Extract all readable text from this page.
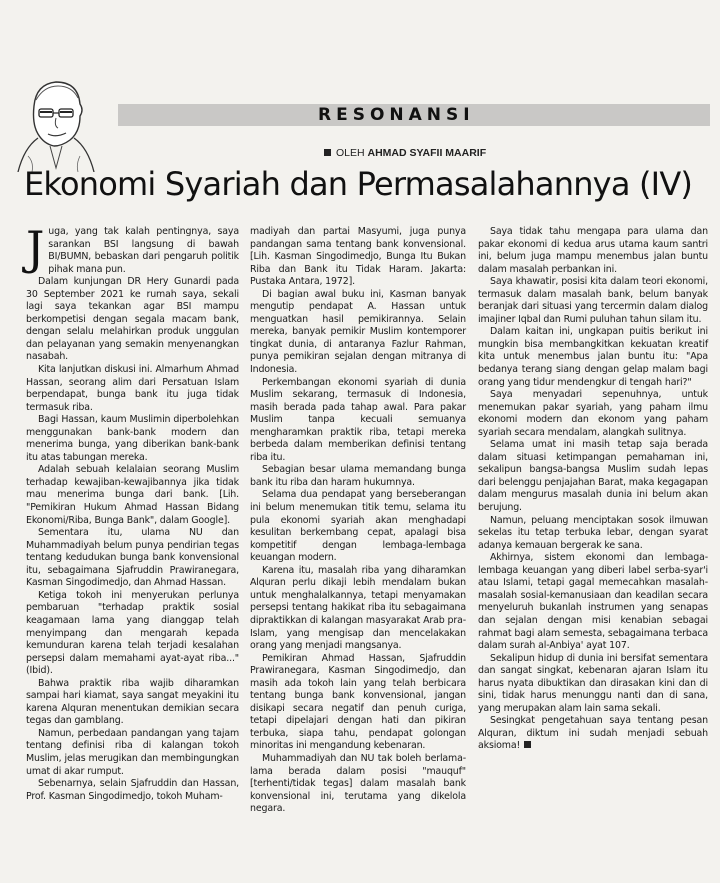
RESONANSI
OLEH AHMAD SYAFII MAARIF
Ekonomi Syariah dan Permasalahannya (IV)

Juga, yang tak kalah pentingnya, saya sarankan BSI langsung di bawah BI/BUMN, bebaskan dari pengaruh politik pihak mana pun.

Dalam kunjungan DR Hery Gunardi pada 30 September 2021 ke rumah saya, sekali lagi saya tekankan agar BSI mampu berkompetisi dengan segala macam bank, dengan selalu melahirkan produk unggulan dan pelayanan yang semakin menyenangkan nasabah.

Kita lanjutkan diskusi ini. Almarhum Ahmad Hassan, seorang alim dari Persatuan Islam berpendapat, bunga bank itu juga tidak termasuk riba.

Bagi Hassan, kaum Muslimin diperbolehkan menggunakan bank-bank modern dan menerima bunga, yang diberikan bank-bank itu atas tabungan mereka.

Adalah sebuah kelalaian seorang Muslim terhadap kewajiban-kewajibannya jika tidak mau menerima bunga dari bank. [Lih. "Pemikiran Hukum Ahmad Hassan Bidang Ekonomi/Riba, Bunga Bank", dalam Google].

Sementara itu, ulama NU dan Muhammadiyah belum punya pendirian tegas tentang kedudukan bunga bank konvensional itu, sebagaimana Sjafruddin Prawiranegara, Kasman Singodimedjo, dan Ahmad Hassan.

Ketiga tokoh ini menyerukan perlunya pembaruan "terhadap praktik sosial keagamaan lama yang dianggap telah menyimpang dan mengarah kepada kemunduran karena telah terjadi kesalahan persepsi dalam memahami ayat-ayat riba..." (Ibid).

Bahwa praktik riba wajib diharamkan sampai hari kiamat, saya sangat meyakini itu karena Alquran menentukan demikian secara tegas dan gamblang.

Namun, perbedaan pandangan yang tajam tentang definisi riba di kalangan tokoh Muslim, jelas merugikan dan membingungkan umat di akar rumput.

Sebenarnya, selain Sjafruddin dan Hassan, Prof. Kasman Singodimedjo, tokoh Muham-

madiyah dan partai Masyumi, juga punya pandangan sama tentang bank konvensional. [Lih. Kasman Singodimedjo, Bunga Itu Bukan Riba dan Bank itu Tidak Haram. Jakarta: Pustaka Antara, 1972].

Di bagian awal buku ini, Kasman banyak mengutip pendapat A. Hassan untuk menguatkan hasil pemikirannya. Selain mereka, banyak pemikir Muslim kontemporer tingkat dunia, di antaranya Fazlur Rahman, punya pemikiran sejalan dengan mitranya di Indonesia.

Perkembangan ekonomi syariah di dunia Muslim sekarang, termasuk di Indonesia, masih berada pada tahap awal. Para pakar Muslim tanpa kecuali semuanya mengharamkan praktik riba, tetapi mereka berbeda dalam memberikan definisi tentang riba itu.

Sebagian besar ulama memandang bunga bank itu riba dan haram hukumnya.

Selama dua pendapat yang berseberangan ini belum menemukan titik temu, selama itu pula ekonomi syariah akan menghadapi kesulitan berkembang cepat, apalagi bisa kompetitif dengan lembaga-lembaga keuangan modern.

Karena itu, masalah riba yang diharamkan Alquran perlu dikaji lebih mendalam bukan untuk menghalalkannya, tetapi menyamakan persepsi tentang hakikat riba itu sebagaimana dipraktikkan di kalangan masyarakat Arab pra-Islam, yang mengisap dan mencelakakan orang yang menjadi mangsanya.

Pemikiran Ahmad Hassan, Sjafruddin Prawiranegara, Kasman Singodimedjo, dan masih ada tokoh lain yang telah berbicara tentang bunga bank konvensional, jangan disikapi secara negatif dan penuh curiga, tetapi dipelajari dengan hati dan pikiran terbuka, siapa tahu, pendapat golongan minoritas ini mengandung kebenaran.

Muhammadiyah dan NU tak boleh berlama-lama berada dalam posisi "mauquf" [terhenti/tidak tegas] dalam masalah bank konvensional ini, terutama yang dikelola negara.

Saya tidak tahu mengapa para ulama dan pakar ekonomi di kedua arus utama kaum santri ini, belum juga mampu menembus jalan buntu dalam masalah perbankan ini.

Saya khawatir, posisi kita dalam teori ekonomi, termasuk dalam masalah bank, belum banyak beranjak dari situasi yang tercermin dalam dialog imajiner Iqbal dan Rumi puluhan tahun silam itu.

Dalam kaitan ini, ungkapan puitis berikut ini mungkin bisa membangkitkan kekuatan kreatif kita untuk menembus jalan buntu itu: "Apa bedanya terang siang dengan gelap malam bagi orang yang tidur mendengkur di tengah hari?"

Saya menyadari sepenuhnya, untuk menemukan pakar syariah, yang paham ilmu ekonomi modern dan ekonom yang paham syariah secara mendalam, alangkah sulitnya.

Selama umat ini masih tetap saja berada dalam situasi ketimpangan pemahaman ini, sekalipun bangsa-bangsa Muslim sudah lepas dari belenggu penjajahan Barat, maka kegagapan dalam mengurus masalah dunia ini belum akan berujung.

Namun, peluang menciptakan sosok ilmuwan sekelas itu tetap terbuka lebar, dengan syarat adanya kemauan bergerak ke sana.

Akhirnya, sistem ekonomi dan lembaga-lembaga keuangan yang diberi label serba-syar'i atau Islami, tetapi gagal memecahkan masalah-masalah sosial-kemanusiaan dan keadilan secara menyeluruh bukanlah instrumen yang senapas dan sejalan dengan misi kenabian sebagai rahmat bagi alam semesta, sebagaimana terbaca dalam surah al-Anbiya' ayat 107.

Sekalipun hidup di dunia ini bersifat sementara dan sangat singkat, kebenaran ajaran Islam itu harus nyata dibuktikan dan dirasakan kini dan di sini, tidak harus menunggu nanti dan di sana, yang merupakan alam lain sama sekali.

Sesingkat pengetahuan saya tentang pesan Alquran, diktum ini sudah menjadi sebuah aksioma!
